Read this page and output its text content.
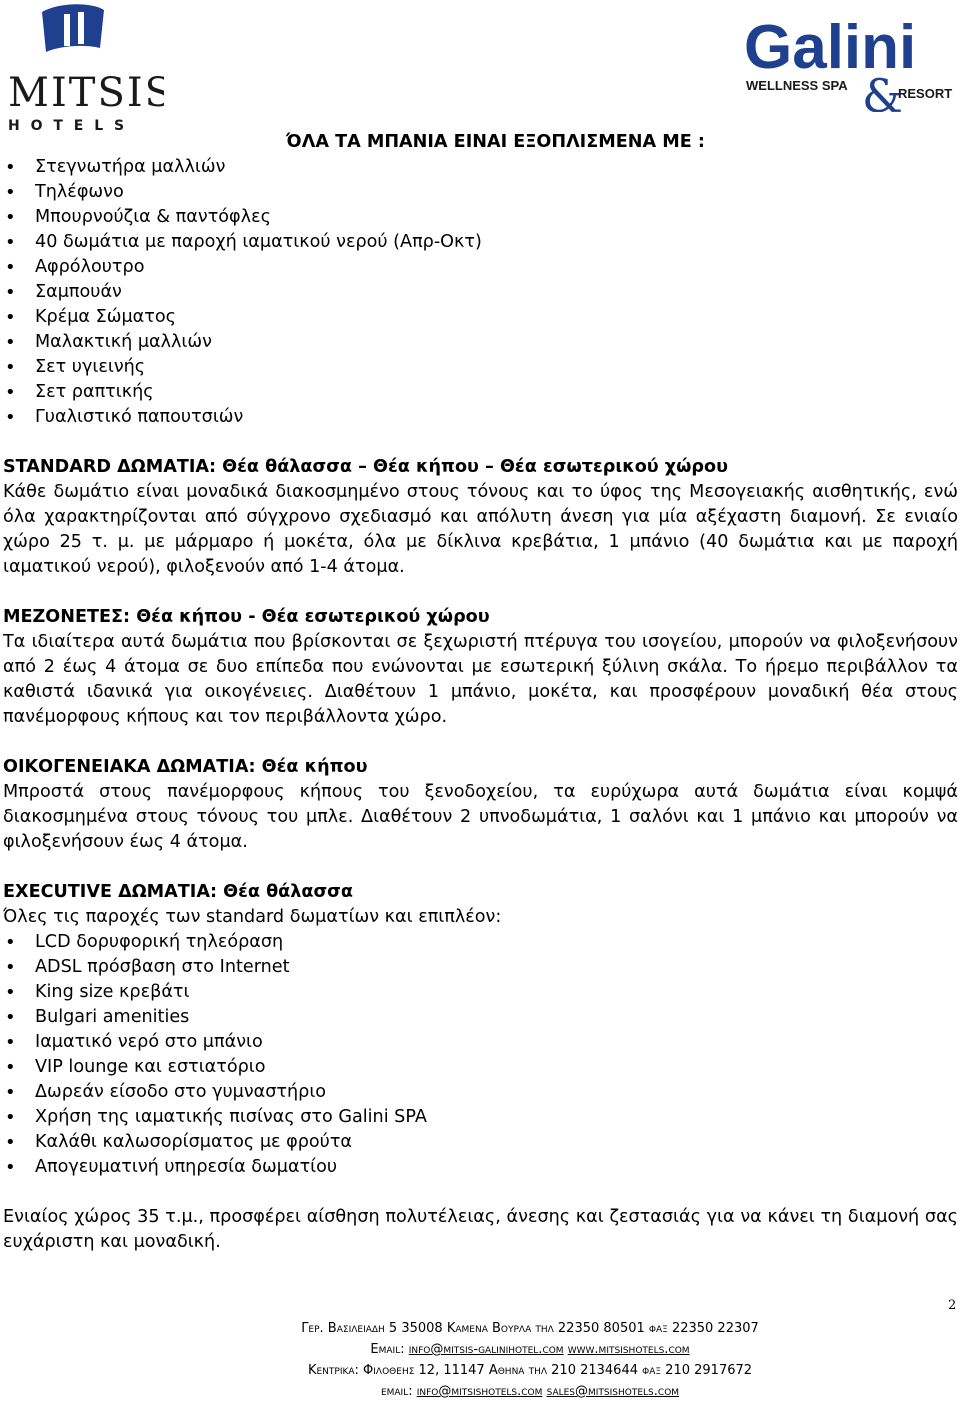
MITSIS
H O T E L S
Galini
WELLNESS SPA &
RESORT

ΌΛΑ ΤΑ ΜΠΑΝΙΑ ΕΙΝΑΙ ΕΞΟΠΛΙΣΜΕΝΑ ΜΕ :

• Στεγνωτήρα μαλλιών
• Τηλέφωνο
• Μπουρνούζια & παντόφλες
• 40 δωμάτια με παροχή ιαματικού νερού (Απρ-Οκτ)
• Αφρόλουτρο
• Σαμπουάν
• Κρέμα Σώματος
• Μαλακτική μαλλιών
• Σετ υγιεινής
• Σετ ραπτικής
• Γυαλιστικό παπουτσιών

STANDARD ΔΩΜΑΤΙΑ: Θέα θάλασσα – Θέα κήπου – Θέα εσωτερικού χώρου

Κάθε δωμάτιο είναι μοναδικά διακοσμημένο στους τόνους και το ύφος της Μεσογειακής αισθητικής, ενώ όλα χαρακτηρίζονται από σύγχρονο σχεδιασμό και απόλυτη άνεση για μία αξέχαστη διαμονή. Σε ενιαίο χώρο 25 τ. μ. με μάρμαρο ή μοκέτα, όλα με δίκλινα κρεβάτια, 1 μπάνιο (40 δωμάτια και με παροχή ιαματικού νερού), φιλοξενούν από 1-4 άτομα.

ΜΕΖΟΝΕΤΕΣ: Θέα κήπου - Θέα εσωτερικού χώρου

Τα ιδιαίτερα αυτά δωμάτια που βρίσκονται σε ξεχωριστή πτέρυγα του ισογείου, μπορούν να φιλοξενήσουν από 2 έως 4 άτομα σε δυο επίπεδα που ενώνονται με εσωτερική ξύλινη σκάλα. Το ήρεμο περιβάλλον τα καθιστά ιδανικά για οικογένειες. Διαθέτουν 1 μπάνιο, μοκέτα, και προσφέρουν μοναδική θέα στους πανέμορφους κήπους και τον περιβάλλοντα χώρο.

ΟΙΚΟΓΕΝΕΙΑΚΑ ΔΩΜΑΤΙΑ: Θέα κήπου

Μπροστά στους πανέμορφους κήπους του ξενοδοχείου, τα ευρύχωρα αυτά δωμάτια είναι κομψά διακοσμημένα στους τόνους του μπλε. Διαθέτουν 2 υπνοδωμάτια, 1 σαλόνι και 1 μπάνιο και μπορούν να φιλοξενήσουν έως 4 άτομα.

EXECUTIVE ΔΩΜΑΤΙΑ: Θέα θάλασσα

Όλες τις παροχές των standard δωματίων και επιπλέον:

• LCD δορυφορική τηλεόραση
• ADSL πρόσβαση στο Internet
• King size κρεβάτι
• Bulgari amenities
• Ιαματικό νερό στο μπάνιο
• VIP lounge και εστιατόριο
• Δωρεάν είσοδο στο γυμναστήριο
• Χρήση της ιαματικής πισίνας στο Galini SPA
• Καλάθι καλωσορίσματος με φρούτα
• Απογευματινή υπηρεσία δωματίου

Ενιαίος χώρος 35 τ.μ., προσφέρει αίσθηση πολυτέλειας, άνεσης και ζεστασιάς για να κάνει τη διαμονή σας ευχάριστη και μοναδική.

2
Γερ. Βασιλειαδη 5 35008 Καμενα Βουρλα τηλ 22350 80501 φαξ 22350 22307
Email: info@mitsis-galinihotel.com www.mitsishotels.com
Κεντρικα: Φιλοθεης 12, 11147 Αθηνα τηλ 210 2134644 φαξ 210 2917672
email: info@mitsishotels.com sales@mitsishotels.com
